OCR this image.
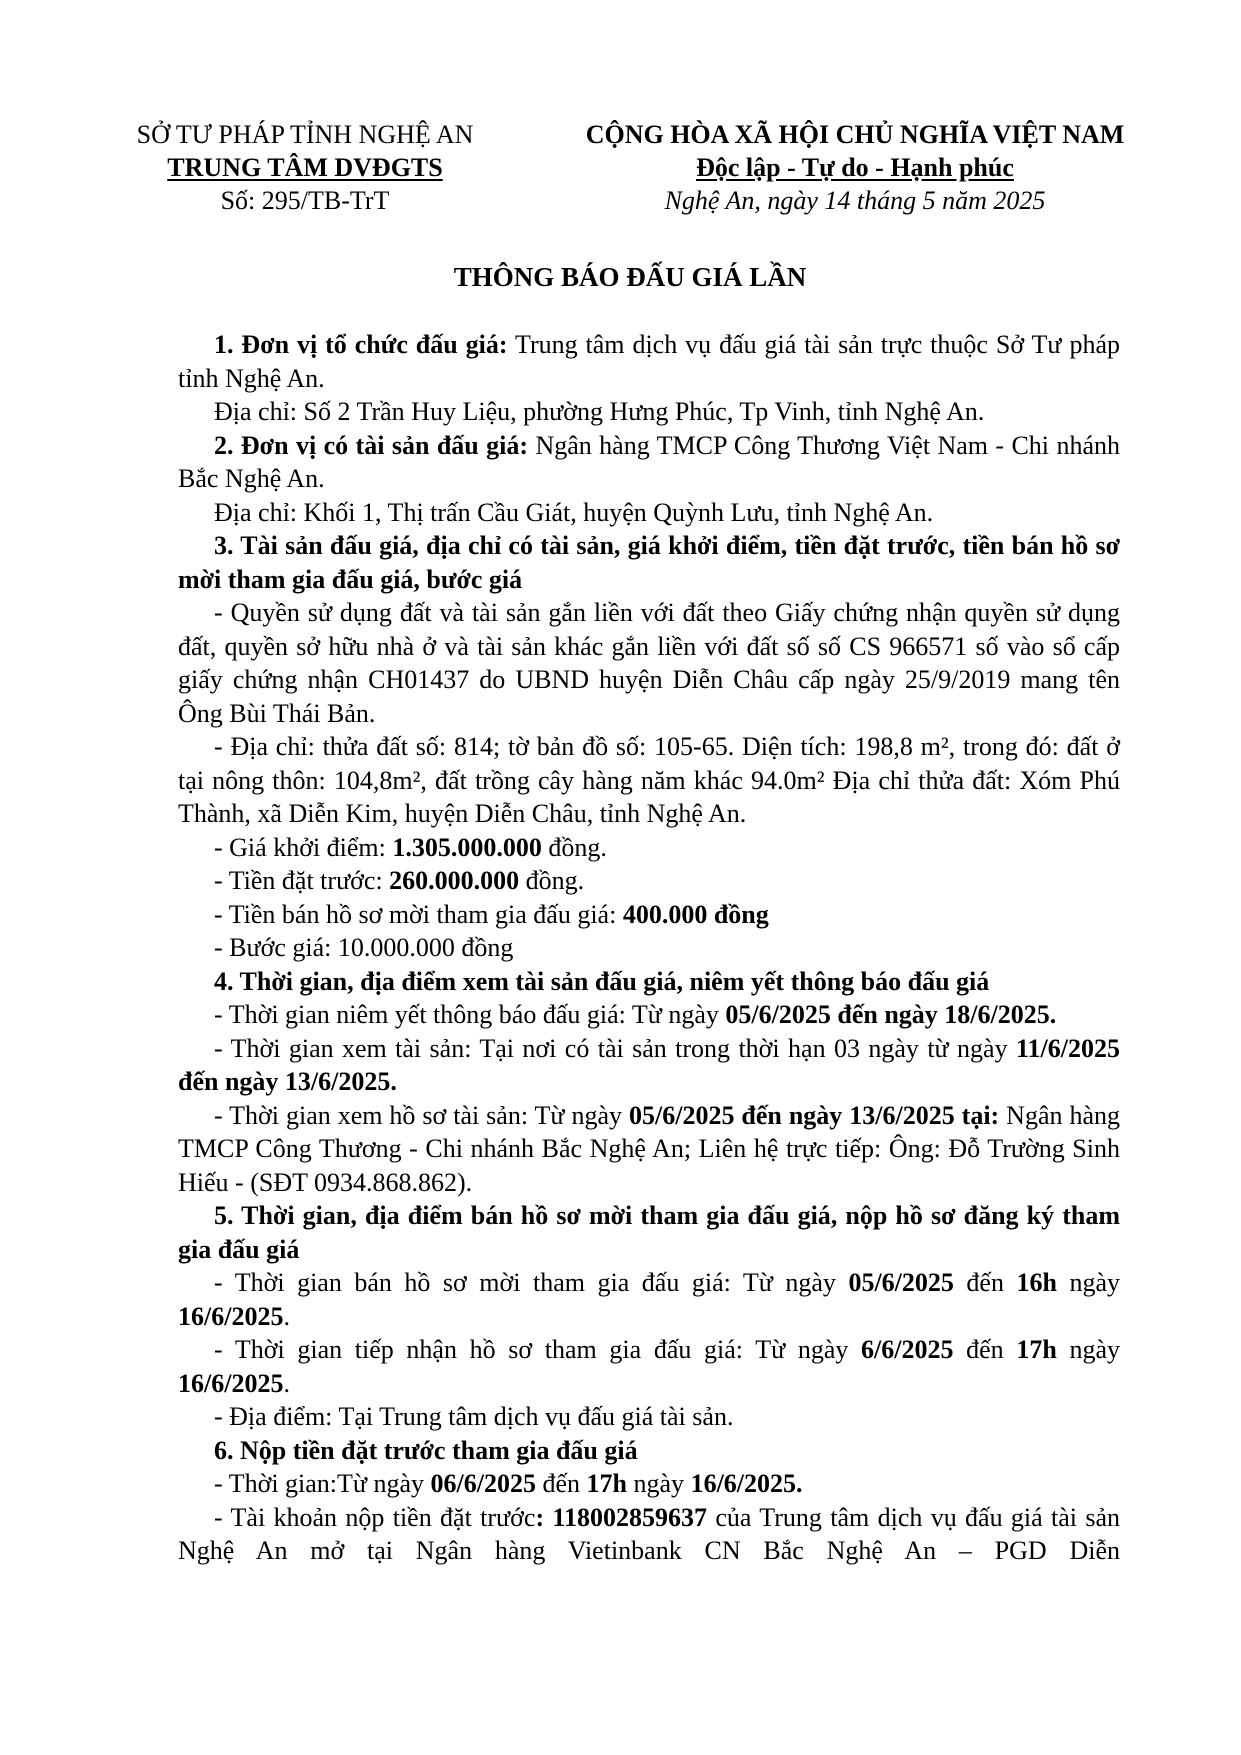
SỞ TƯ PHÁP TỈNH NGHỆ AN
TRUNG TÂM DVĐGTS
Số: 295/TB-TrT
CỘNG HÒA XÃ HỘI CHỦ NGHĨA VIỆT NAM
Độc lập - Tự do - Hạnh phúc
Nghệ An, ngày 14 tháng 5 năm 2025
THÔNG BÁO ĐẤU GIÁ LẦN

1. Đơn vị tổ chức đấu giá: Trung tâm dịch vụ đấu giá tài sản trực thuộc Sở Tư pháp tỉnh Nghệ An.

Địa chỉ: Số 2 Trần Huy Liệu, phường Hưng Phúc, Tp Vinh, tỉnh Nghệ An.

2. Đơn vị có tài sản đấu giá: Ngân hàng TMCP Công Thương Việt Nam - Chi nhánh Bắc Nghệ An.

Địa chỉ: Khối 1, Thị trấn Cầu Giát, huyện Quỳnh Lưu, tỉnh Nghệ An.

3. Tài sản đấu giá, địa chỉ có tài sản, giá khởi điểm, tiền đặt trước, tiền bán hồ sơ mời tham gia đấu giá, bước giá

- Quyền sử dụng đất và tài sản gắn liền với đất theo Giấy chứng nhận quyền sử dụng đất, quyền sở hữu nhà ở và tài sản khác gắn liền với đất số số CS 966571 số vào sổ cấp giấy chứng nhận CH01437 do UBND huyện Diễn Châu cấp ngày 25/9/2019 mang tên Ông Bùi Thái Bản.

- Địa chỉ: thửa đất số: 814; tờ bản đồ số: 105-65. Diện tích: 198,8 m², trong đó: đất ở tại nông thôn: 104,8m², đất trồng cây hàng năm khác 94.0m² Địa chỉ thửa đất: Xóm Phú Thành, xã Diễn Kim, huyện Diễn Châu, tỉnh Nghệ An.

- Giá khởi điểm: 1.305.000.000 đồng.

- Tiền đặt trước: 260.000.000 đồng.

- Tiền bán hồ sơ mời tham gia đấu giá: 400.000 đồng

- Bước giá: 10.000.000 đồng

4. Thời gian, địa điểm xem tài sản đấu giá, niêm yết thông báo đấu giá

- Thời gian niêm yết thông báo đấu giá: Từ ngày 05/6/2025 đến ngày 18/6/2025.

- Thời gian xem tài sản: Tại nơi có tài sản trong thời hạn 03 ngày từ ngày 11/6/2025 đến ngày 13/6/2025.

- Thời gian xem hồ sơ tài sản: Từ ngày 05/6/2025 đến ngày 13/6/2025 tại: Ngân hàng TMCP Công Thương - Chi nhánh Bắc Nghệ An; Liên hệ trực tiếp: Ông: Đỗ Trường Sinh Hiếu - (SĐT 0934.868.862).

5. Thời gian, địa điểm bán hồ sơ mời tham gia đấu giá, nộp hồ sơ đăng ký tham gia đấu giá

- Thời gian bán hồ sơ mời tham gia đấu giá: Từ ngày 05/6/2025 đến 16h ngày 16/6/2025.

- Thời gian tiếp nhận hồ sơ tham gia đấu giá: Từ ngày 6/6/2025 đến 17h ngày 16/6/2025.

- Địa điểm: Tại Trung tâm dịch vụ đấu giá tài sản.

6. Nộp tiền đặt trước tham gia đấu giá

- Thời gian:Từ ngày 06/6/2025 đến 17h ngày 16/6/2025.

- Tài khoản nộp tiền đặt trước: 118002859637 của Trung tâm dịch vụ đấu giá tài sản Nghệ An mở tại Ngân hàng Vietinbank CN Bắc Nghệ An – PGD Diễn
